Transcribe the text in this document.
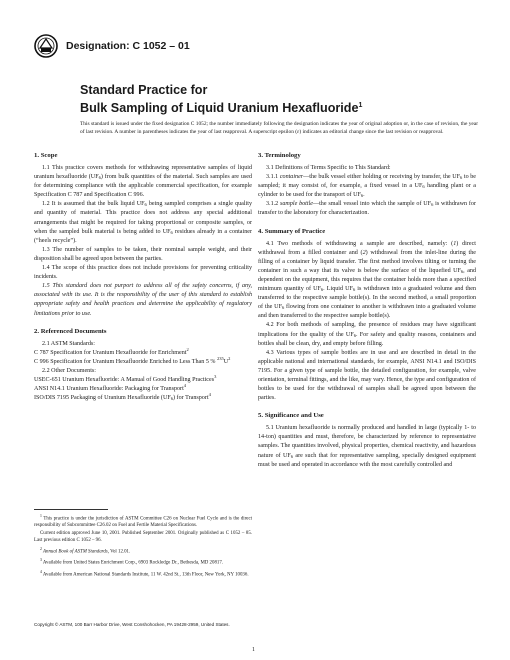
Designation: C 1052 – 01
Standard Practice for
Bulk Sampling of Liquid Uranium Hexafluoride$^1$
This standard is issued under the fixed designation C 1052; the number immediately following the designation indicates the year of original adoption or, in the case of revision, the year of last revision. A number in parentheses indicates the year of last reapproval. A superscript epsilon (ε) indicates an editorial change since the last revision or reapproval.
1. Scope

1.1 This practice covers methods for withdrawing representative samples of liquid uranium hexafluoride $(UF_6)$ from bulk quantities of the material. Such samples are used for determining compliance with the applicable commercial specification, for example Specification C 787 and Specification C 996.

1.2 It is assumed that the bulk liquid $UF_6$ being sampled comprises a single quality and quantity of material. This practice does not address any special additional arrangements that might be required for taking proportional or composite samples, or when the sampled bulk material is being added to $UF_6$ residues already in a container (“heels recycle”).

1.3 The number of samples to be taken, their nominal sample weight, and their disposition shall be agreed upon between the parties.

1.4 The scope of this practice does not include provisions for preventing criticality incidents.

1.5 This standard does not purport to address all of the safety concerns, if any, associated with its use. It is the responsibility of the user of this standard to establish appropriate safety and health practices and determine the applicability of regulatory limitations prior to use.

2. Referenced Documents

2.1 ASTM Standards:

C 787 Specification for Uranium Hexafluoride for Enrichment$^2$

C 996 Specification for Uranium Hexafluoride Enriched to Less Than 5 % $^{235}U^2$

2.2 Other Documents:

USEC-651 Uranium Hexafluoride: A Manual of Good Handling Practices$^3$

ANSI N14.1 Uranium Hexafluoride: Packaging for Transport$^4$

ISO/DIS 7195 Packaging of Uranium Hexafluoride $(UF_6)$ for Transport$^4$

3. Terminology

3.1 Definitions of Terms Specific to This Standard:

3.1.1 container—the bulk vessel either holding or receiving by transfer, the $UF_6$ to be sampled; it may consist of, for example, a fixed vessel in a $UF_6$ handling plant or a cylinder to be used for the transport of $UF_6$.

3.1.2 sample bottle—the small vessel into which the sample of $UF_6$ is withdrawn for transfer to the laboratory for characterization.

4. Summary of Practice

4.1 Two methods of withdrawing a sample are described, namely: (1) direct withdrawal from a filled container and (2) withdrawal from the inlet-line during the filling of a container by liquid transfer. The first method involves tilting or turning the container in such a way that its valve is below the surface of the liquefied $UF_6$, and dependent on the equipment, this requires that the container holds more than a specified minimum quantity of $UF_6$. Liquid $UF_6$ is withdrawn into a graduated volume and then transferred to the respective sample bottle(s). In the second method, a small proportion of the $UF_6$ flowing from one container to another is withdrawn into a graduated volume and then transferred to the respective sample bottle(s).

4.2 For both methods of sampling, the presence of residues may have significant implications for the quality of the $UF_6$. For safety and quality reasons, containers and bottles shall be clean, dry, and empty before filling.

4.3 Various types of sample bottles are in use and are described in detail in the applicable national and international standards, for example, ANSI N14.1 and ISO/DIS 7195. For a given type of sample bottle, the detailed configuration, for example, valve orientation, terminal fittings, and the like, may vary. Hence, the type and configuration of bottles to be used for the withdrawal of samples shall be agreed upon between the parties.

5. Significance and Use

5.1 Uranium hexafluoride is normally produced and handled in large (typically 1- to 14-ton) quantities and must, therefore, be characterized by reference to representative samples. The quantities involved, physical properties, chemical reactivity, and hazardous nature of $UF_6$ are such that for representative sampling, specially designed equipment must be used and operated in accordance with the most carefully controlled and

$^1$ This practice is under the jurisdiction of ASTM Committee C26 on Nuclear Fuel Cycle and is the direct responsibility of Subcommittee C26.02 on Fuel and Fertile Material Specifications.

Current edition approved June 10, 2001. Published September 2001. Originally published as C 1052 – 85. Last previous edition C 1052 – 96.

$^2$ Annual Book of ASTM Standards, Vol 12.01.

$^3$ Available from United States Enrichment Corp., 6903 Rockledge Dr., Bethesda, MD 20817.

$^4$ Available from American National Standards Institute, 11 W. 42nd St., 13th Floor, New York, NY 10036.

Copyright © ASTM, 100 Barr Harbor Drive, West Conshohocken, PA 19428-2959, United States.
1
